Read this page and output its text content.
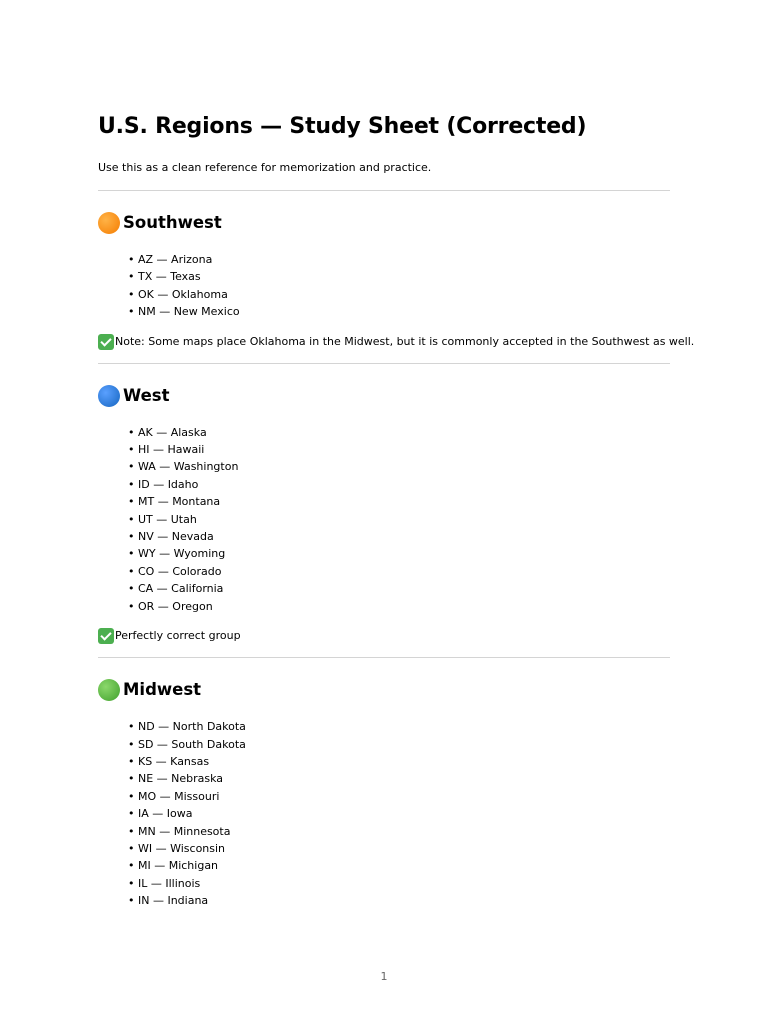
U.S. Regions — Study Sheet (Corrected)

Use this as a clean reference for memorization and practice.

Southwest
• AZ — Arizona
• TX — Texas
• OK — Oklahoma
• NM — New Mexico
Note: Some maps place Oklahoma in the Midwest, but it is commonly accepted in the Southwest as well.
West
• AK — Alaska
• HI — Hawaii
• WA — Washington
• ID — Idaho
• MT — Montana
• UT — Utah
• NV — Nevada
• WY — Wyoming
• CO — Colorado
• CA — California
• OR — Oregon
Perfectly correct group
Midwest
• ND — North Dakota
• SD — South Dakota
• KS — Kansas
• NE — Nebraska
• MO — Missouri
• IA — Iowa
• MN — Minnesota
• WI — Wisconsin
• MI — Michigan
• IL — Illinois
• IN — Indiana
1
